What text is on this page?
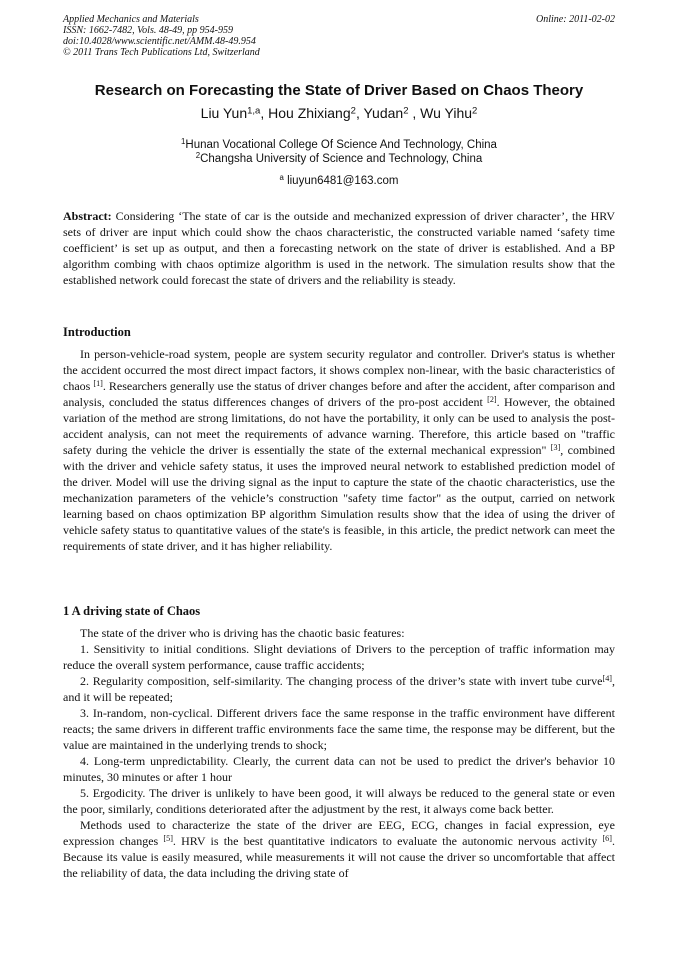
Applied Mechanics and Materials
ISSN: 1662-7482, Vols. 48-49, pp 954-959
doi:10.4028/www.scientific.net/AMM.48-49.954
© 2011 Trans Tech Publications Ltd, Switzerland
Online: 2011-02-02
Research on Forecasting the State of Driver Based on Chaos Theory
Liu Yun$^{1,a}$, Hou Zhixiang$^2$, Yudan$^2$ , Wu Yihu$^2$
$^1$Hunan Vocational College Of Science And Technology, China
$^2$Changsha University of Science and Technology, China
$^a$ liuyun6481@163.com

Abstract: Considering ‘The state of car is the outside and mechanized expression of driver character’, the HRV sets of driver are input which could show the chaos characteristic, the constructed variable named ‘safety time coefficient’ is set up as output, and then a forecasting network on the state of driver is established. And a BP algorithm combing with chaos optimize algorithm is used in the network. The simulation results show that the established network could forecast the state of drivers and the reliability is steady.

Introduction

In person-vehicle-road system, people are system security regulator and controller. Driver's status is whether the accident occurred the most direct impact factors, it shows complex non-linear, with the basic characteristics of chaos [1]. Researchers generally use the status of driver changes before and after the accident, after comparison and analysis, concluded the status differences changes of drivers of the pro-post accident [2]. However, the obtained variation of the method are strong limitations, do not have the portability, it only can be used to analysis the post-accident analysis, can not meet the requirements of advance warning. Therefore, this article based on "traffic safety during the vehicle the driver is essentially the state of the external mechanical expression" [3], combined with the driver and vehicle safety status, it uses the improved neural network to established prediction model of the driver. Model will use the driving signal as the input to capture the state of the chaotic characteristics, use the mechanization parameters of the vehicle’s construction "safety time factor" as the output, carried on network learning based on chaos optimization BP algorithm Simulation results show that the idea of using the driver of vehicle safety status to quantitative values of the state's is feasible, in this article, the predict network can meet the requirements of state driver, and it has higher reliability.

1 A driving state of Chaos

The state of the driver who is driving has the chaotic basic features:

1. Sensitivity to initial conditions. Slight deviations of Drivers to the perception of traffic information may reduce the overall system performance, cause traffic accidents;

2. Regularity composition, self-similarity. The changing process of the driver’s state with invert tube curve[4], and it will be repeated;

3. In-random, non-cyclical. Different drivers face the same response in the traffic environment have different reacts; the same drivers in different traffic environments face the same time, the response may be different, but the value are maintained in the underlying trends to shock;

4. Long-term unpredictability. Clearly, the current data can not be used to predict the driver's behavior 10 minutes, 30 minutes or after 1 hour

5. Ergodicity. The driver is unlikely to have been good, it will always be reduced to the general state or even the poor, similarly, conditions deteriorated after the adjustment by the rest, it always come back better.

Methods used to characterize the state of the driver are EEG, ECG, changes in facial expression, eye expression changes [5]. HRV is the best quantitative indicators to evaluate the autonomic nervous activity [6]. Because its value is easily measured, while measurements it will not cause the driver so uncomfortable that affect the reliability of data, the data including the driving state of
